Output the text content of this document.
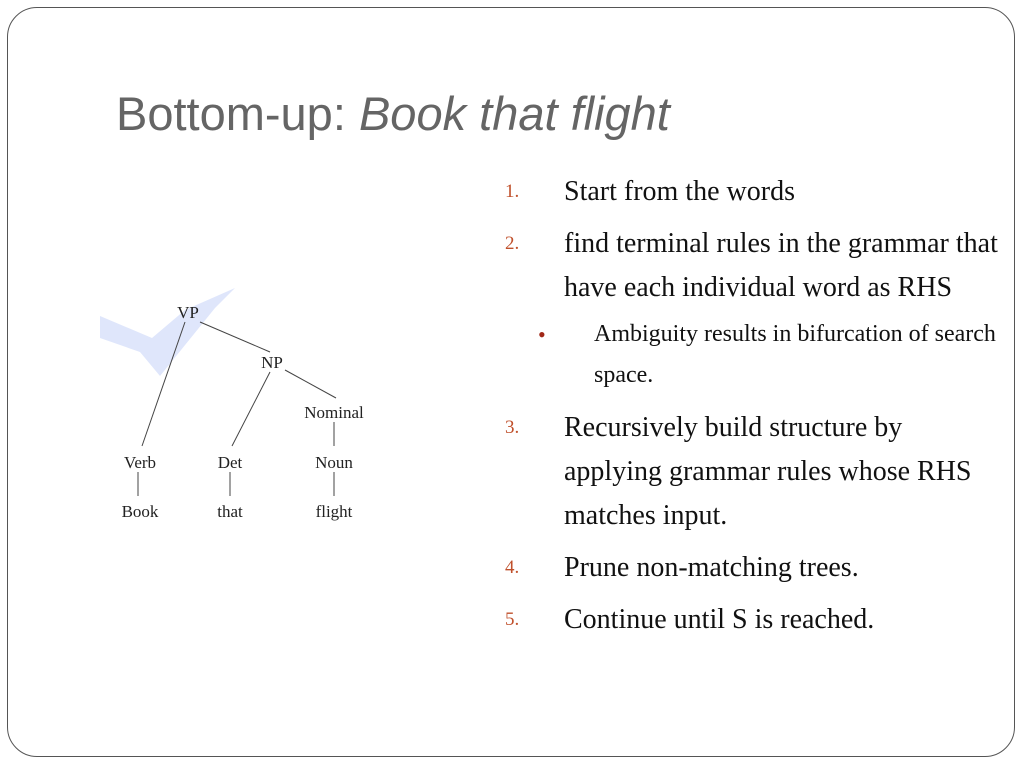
Bottom-up: Book that flight
VP
NP
Nominal
Verb	Det	Noun
Book	that	flight
1. Start from the words
2. find terminal rules in the grammar that have each individual word as RHS
• Ambiguity results in bifurcation of search space.
3. Recursively build structure by applying grammar rules whose RHS matches input.
4. Prune non-matching trees.
5. Continue until S is reached.
